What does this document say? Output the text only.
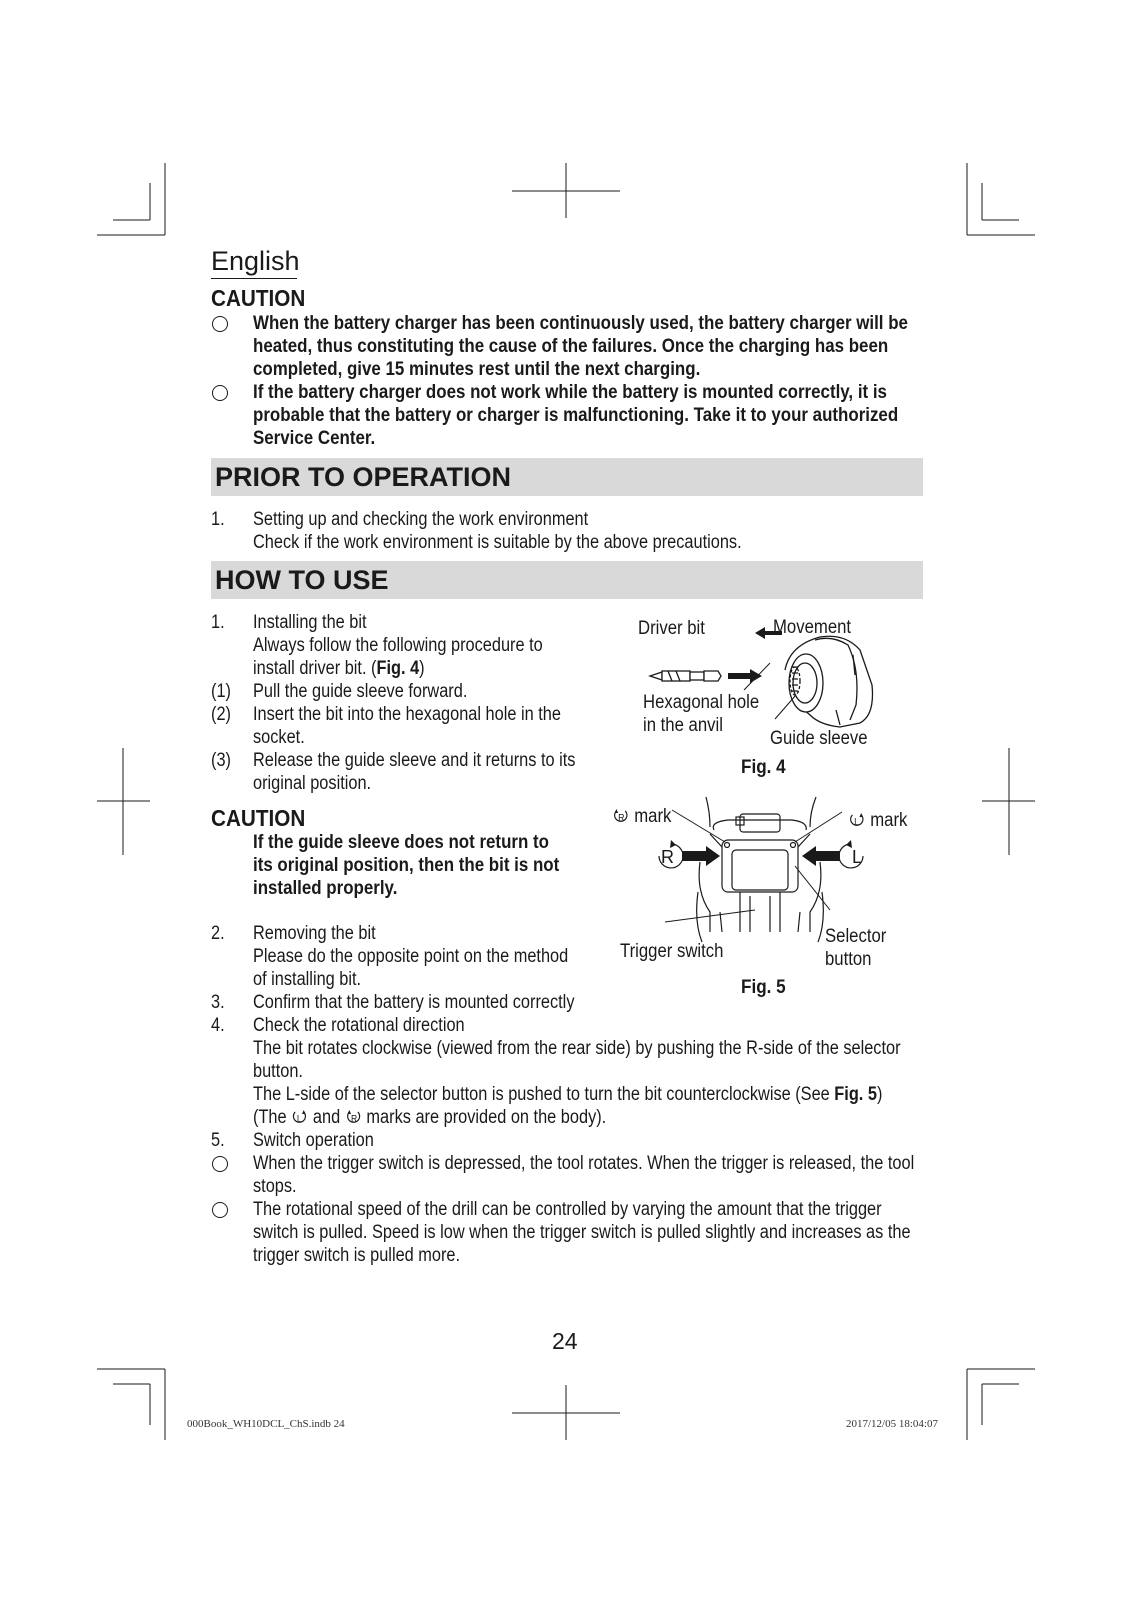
English
CAUTION
When the battery charger has been continuously used, the battery charger will be
heated, thus constituting the cause of the failures. Once the charging has been
completed, give 15 minutes rest until the next charging.
If the battery charger does not work while the battery is mounted correctly, it is
probable that the battery or charger is malfunctioning. Take it to your authorized
Service Center.
PRIOR TO OPERATION
1. Setting up and checking the work environment
Check if the work environment is suitable by the above precautions.
HOW TO USE
1. Installing the bit
Always follow the following procedure to
install driver bit. (Fig. 4)
(1) Pull the guide sleeve forward.
(2) Insert the bit into the hexagonal hole in the
socket.
(3) Release the guide sleeve and it returns to its
original position.
CAUTION
If the guide sleeve does not return to
its original position, then the bit is not
installed properly.
2. Removing the bit
Please do the opposite point on the method
of installing bit.
3. Confirm that the battery is mounted correctly
4. Check the rotational direction
The bit rotates clockwise (viewed from the rear side) by pushing the R-side of the selector
button.
The L-side of the selector button is pushed to turn the bit counterclockwise (See Fig. 5)
(The L and R marks are provided on the body).
5. Switch operation
When the trigger switch is depressed, the tool rotates. When the trigger is released, the tool
stops.
The rotational speed of the drill can be controlled by varying the amount that the trigger
switch is pulled. Speed is low when the trigger switch is pulled slightly and increases as the
trigger switch is pulled more.
Driver bit	Movement
Hexagonal hole
in the anvil
Guide sleeve
Fig. 4
R	L
R mark	L mark
Trigger switch
Selector
button
Fig. 5
24
000Book_WH10DCL_ChS.indb 24	2017/12/05 18:04:07
